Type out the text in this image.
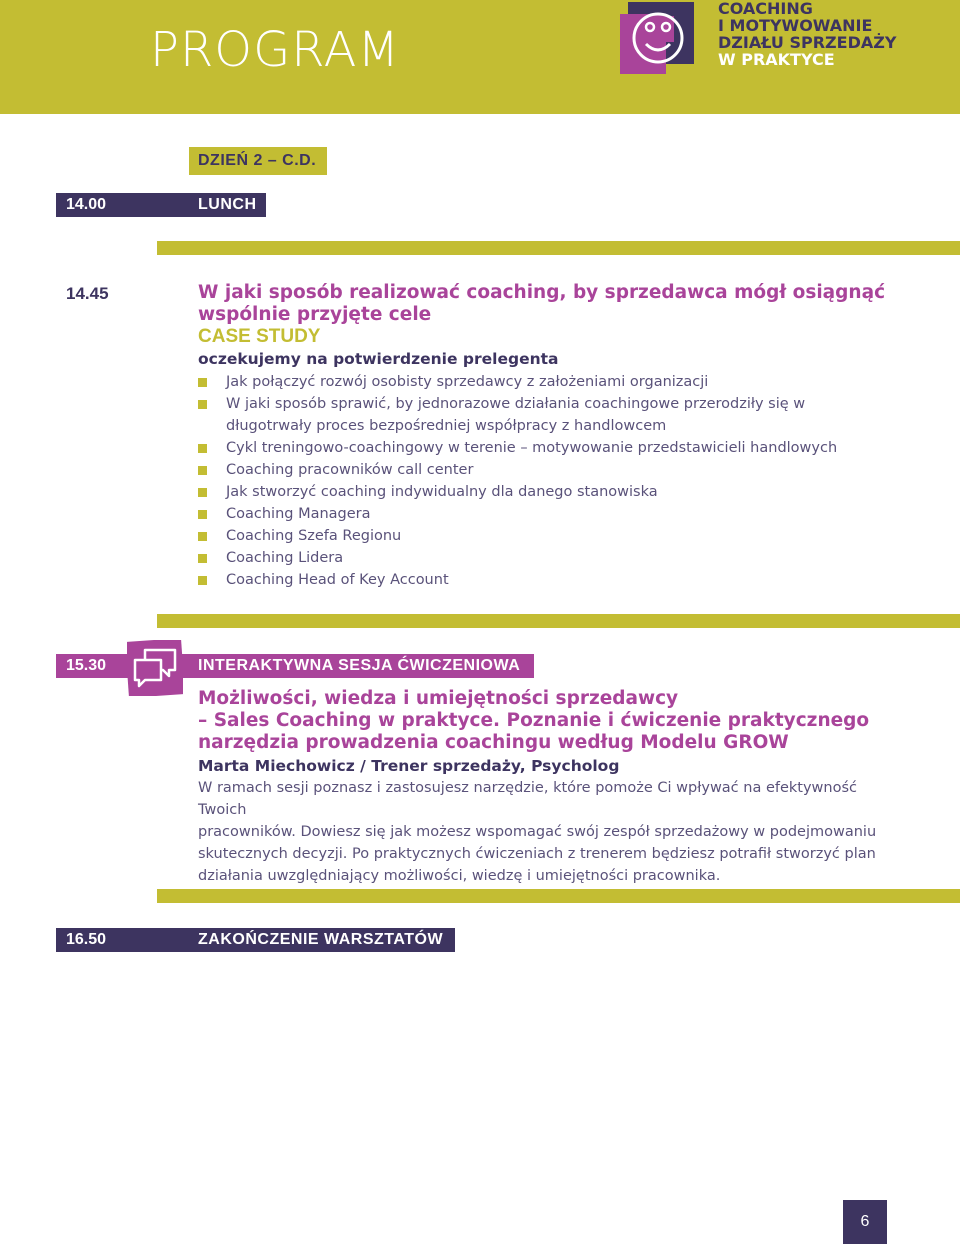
PROGRAM
COACHING
I MOTYWOWANIE
DZIAŁU SPRZEDAŻY
W PRAKTYCE
DZIEŃ 2 – C.D.
14.00	LUNCH
14.45	W jaki sposób realizować coaching, by sprzedawca mógł osiągnąć
wspólnie przyjęte cele
CASE STUDY
oczekujemy na potwierdzenie prelegenta
Jak połączyć rozwój osobisty sprzedawcy z założeniami organizacji
W jaki sposób sprawić, by jednorazowe działania coachingowe przerodziły się w długotrwały proces bezpośredniej współpracy z handlowcem
Cykl treningowo-coachingowy w terenie – motywowanie przedstawicieli handlowych
Coaching pracowników call center
Jak stworzyć coaching indywidualny dla danego stanowiska
Coaching Managera
Coaching Szefa Regionu
Coaching Lidera
Coaching Head of Key Account
15.30	INTERAKTYWNA SESJA ĆWICZENIOWA
Możliwości, wiedza i umiejętności sprzedawcy
– Sales Coaching w praktyce. Poznanie i ćwiczenie praktycznego
narzędzia prowadzenia coachingu według Modelu GROW
Marta Miechowicz / Trener sprzedaży, Psycholog
W ramach sesji poznasz i zastosujesz narzędzie, które pomoże Ci wpływać na efektywność Twoich
pracowników. Dowiesz się jak możesz wspomagać swój zespół sprzedażowy w podejmowaniu
skutecznych decyzji. Po praktycznych ćwiczeniach z trenerem będziesz potrafił stworzyć plan
działania uwzględniający możliwości, wiedzę i umiejętności pracownika.
16.50	ZAKOŃCZENIE WARSZTATÓW
6
